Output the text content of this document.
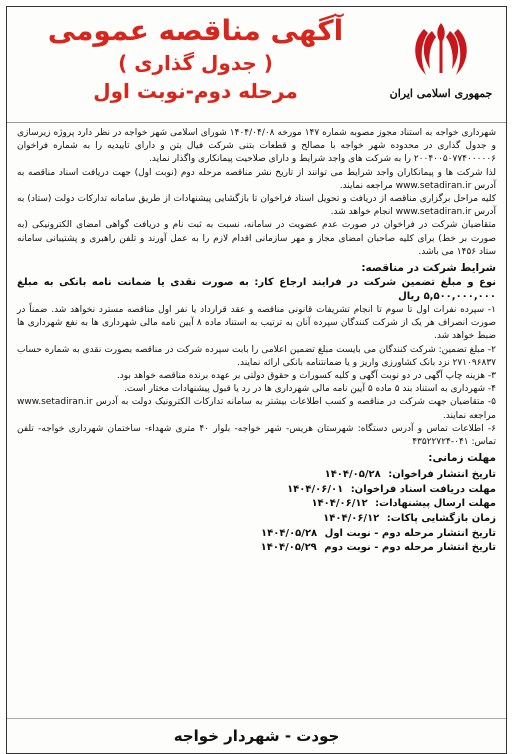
جمهوری اسلامی ایران
آگهی مناقصه عمومی
( جدول گذاری )
مرحله دوم-نوبت اول

شهرداری خواجه به استناد مجوز مصوبه شماره ۱۴۷ مورخه ۱۴۰۴/۰۴/۰۸ شورای اسلامی شهر خواجه در نظر دارد پروژه زیرسازی و جدول گذاری در محدوده شهر خواجه با مصالح و قطعات بتنی شرکت فیال بتن و دارای تاییدیه را به شماره فراخوان ۲۰۰۴۰۰۵۰۷۷۴۰۰۰۰۰۶ را به شرکت های واجد شرایط و دارای صلاحیت پیمانکاری واگذار نماید.

لذا شرکت ها و پیمانکاران واجد شرایط می توانند از تاریخ نشر مناقصه مرحله دوم (نوبت اول) جهت دریافت اسناد مناقصه به آدرس www.setadiran.ir مراجعه نمایند.

کلیه مراحل برگزاری مناقصه از دریافت و تحویل اسناد فراخوان تا بازگشایی پیشنهادات از طریق سامانه تدارکات دولت (ستاد) به آدرس www.setadiran.ir انجام خواهد شد.

متقاضیان شرکت در فراخوان در صورت عدم عضویت در سامانه، نسبت به ثبت نام و دریافت گواهی امضای الکترونیکی (به صورت بر خط) برای کلیه صاحبان امضای مجاز و مهر سازمانی اقدام لازم را به عمل آورند و تلفن راهبری و پشتیبانی سامانه ستاد ۱۴۵۶ می باشد.

شرایط شرکت در مناقصه:
نوع و مبلغ تضمین شرکت در فرایند ارجاع کار: به صورت نقدی یا ضمانت نامه بانکی به مبلغ ۵,۵۰۰,۰۰۰,۰۰۰ ریال

۱- سپرده نفرات اول تا سوم تا انجام تشریفات قانونی مناقصه و عقد قرارداد یا نفر اول مناقصه مسترد نخواهد شد. ضمناً در صورت انصراف هر یک از شرکت کنندگان سپرده آنان به ترتیب به استناد ماده ۸ آیین نامه مالی شهرداری ها به نفع شهرداری ها ضبط خواهد شد.

۲- مبلغ تضمین: شرکت کنندگان می بایست مبلغ تضمین اعلامی را بابت سپرده شرکت در مناقصه بصورت نقدی به شماره حساب ۲۷۱۰۹۶۸۳۷ نزد بانک کشاورزی واریز و یا ضمانتنامه بانکی ارائه نمایند.

۳- هزینه چاپ آگهی در دو نوبت آگهی و کلیه کسورات و حقوق دولتی بر عهده برنده مناقصه خواهد بود.

۴- شهرداری به استناد بند ۵ ماده ۵ آیین نامه مالی شهرداری ها در رد یا قبول پیشنهادات مختار است.

۵- متقاضیان جهت شرکت در مناقصه و کسب اطلاعات بیشتر به سامانه تدارکات الکترونیک دولت به آدرس www.setadiran.ir مراجعه نمایند.

۶- اطلاعات تماس و آدرس دستگاه: شهرستان هریس- شهر خواجه- بلوار ۴۰ متری شهداء- ساختمان شهرداری خواجه- تلفن تماس: ۰۴۱-۴۳۵۲۲۷۲۴

مهلت زمانی:
تاریخ انتشار فراخوان: ۱۴۰۴/۰۵/۲۸
مهلت دریافت اسناد فراخوان: ۱۴۰۴/۰۶/۰۱
مهلت ارسال پیشنهادات: ۱۴۰۴/۰۶/۱۲
زمان بازگشایی پاکات: ۱۴۰۴/۰۶/۱۲
تاریخ انتشار مرحله دوم - نوبت اول ۱۴۰۴/۰۵/۲۸
تاریخ انتشار مرحله دوم - نوبت دوم ۱۴۰۴/۰۵/۲۹
جودت - شهردار خواجه
